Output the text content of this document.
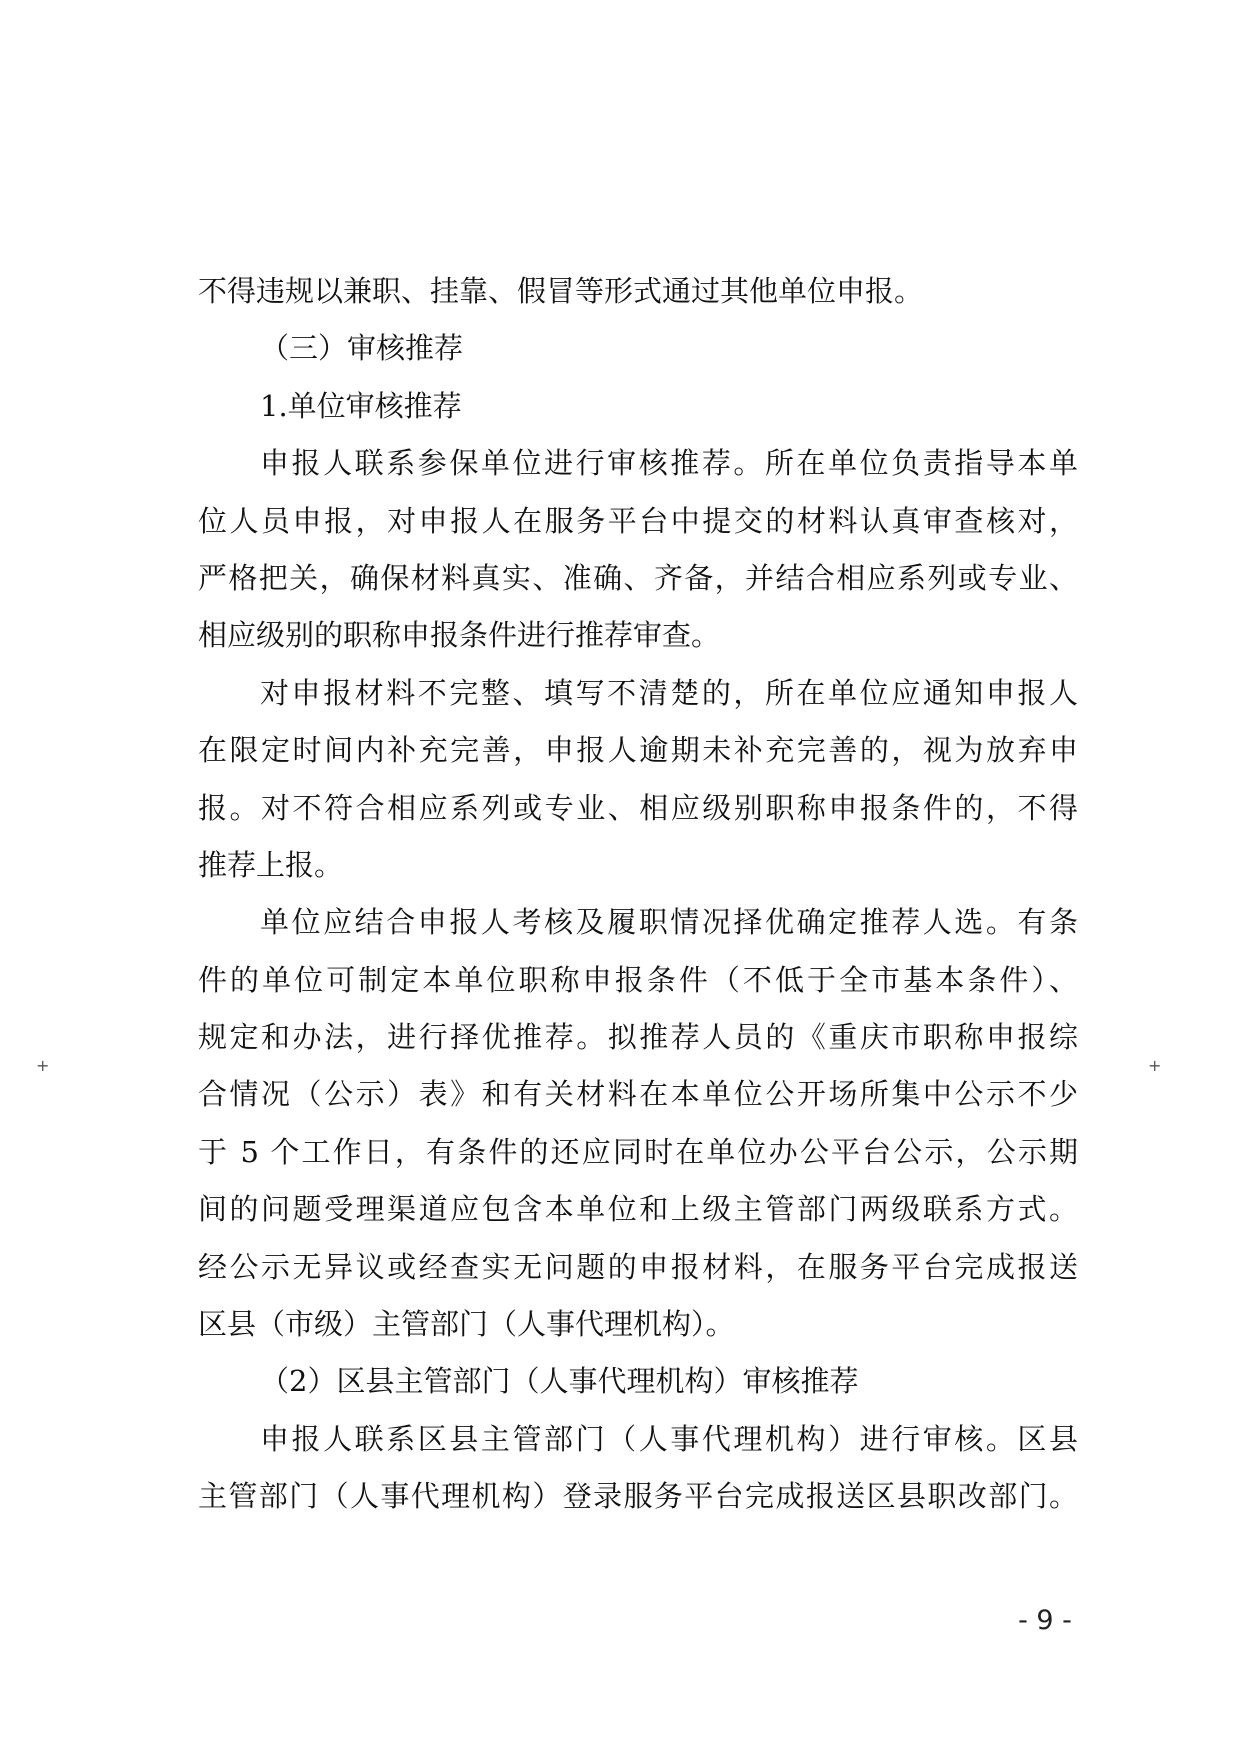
不得违规以兼职、挂靠、假冒等形式通过其他单位申报。
（三）审核推荐
1.单位审核推荐
申报人联系参保单位进行审核推荐。所在单位负责指导本单
位人员申报，对申报人在服务平台中提交的材料认真审查核对，
严格把关，确保材料真实、准确、齐备，并结合相应系列或专业、
相应级别的职称申报条件进行推荐审查。
对申报材料不完整、填写不清楚的，所在单位应通知申报人
在限定时间内补充完善，申报人逾期未补充完善的，视为放弃申
报。对不符合相应系列或专业、相应级别职称申报条件的，不得
推荐上报。
单位应结合申报人考核及履职情况择优确定推荐人选。有条
件的单位可制定本单位职称申报条件（不低于全市基本条件）、
规定和办法，进行择优推荐。拟推荐人员的《重庆市职称申报综
合情况（公示）表》和有关材料在本单位公开场所集中公示不少
于 5 个工作日，有条件的还应同时在单位办公平台公示，公示期
间的问题受理渠道应包含本单位和上级主管部门两级联系方式。
经公示无异议或经查实无问题的申报材料，在服务平台完成报送
区县（市级）主管部门（人事代理机构）。
（2）区县主管部门（人事代理机构）审核推荐
申报人联系区县主管部门（人事代理机构）进行审核。区县
主管部门（人事代理机构）登录服务平台完成报送区县职改部门。
+	+
- 9 -
